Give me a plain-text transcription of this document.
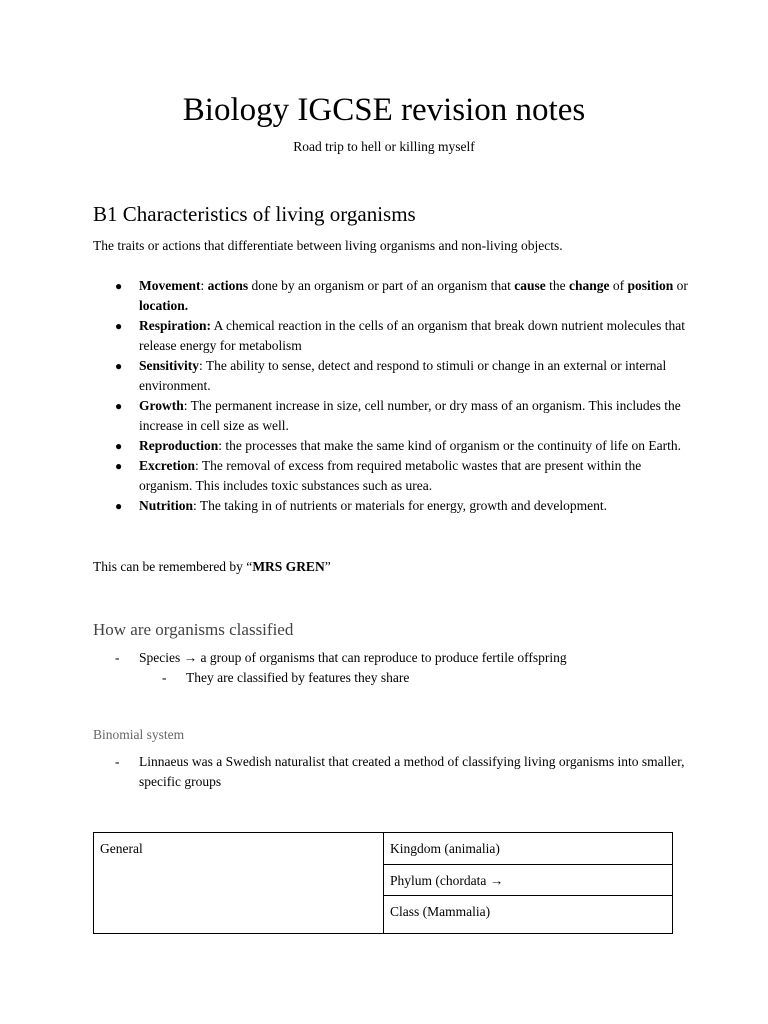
Biology IGCSE revision notes
Road trip to hell or killing myself
B1 Characteristics of living organisms

The traits or actions that differentiate between living organisms and non-living objects.

● Movement: actions done by an organism or part of an organism that cause the change of position or location.
● Respiration: A chemical reaction in the cells of an organism that break down nutrient molecules that release energy for metabolism
● Sensitivity: The ability to sense, detect and respond to stimuli or change in an external or internal environment.
● Growth: The permanent increase in size, cell number, or dry mass of an organism. This includes the increase in cell size as well.
● Reproduction: the processes that make the same kind of organism or the continuity of life on Earth.
● Excretion: The removal of excess from required metabolic wastes that are present within the organism. This includes toxic substances such as urea.
● Nutrition: The taking in of nutrients or materials for energy, growth and development.

This can be remembered by “MRS GREN”

How are organisms classified
- Species → a group of organisms that can reproduce to produce fertile offspring
- They are classified by features they share
Binomial system
- Linnaeus was a Swedish naturalist that created a method of classifying living organisms into smaller,
specific groups
General	Kingdom (animalia)
Phylum (chordata →
Class (Mammalia)
